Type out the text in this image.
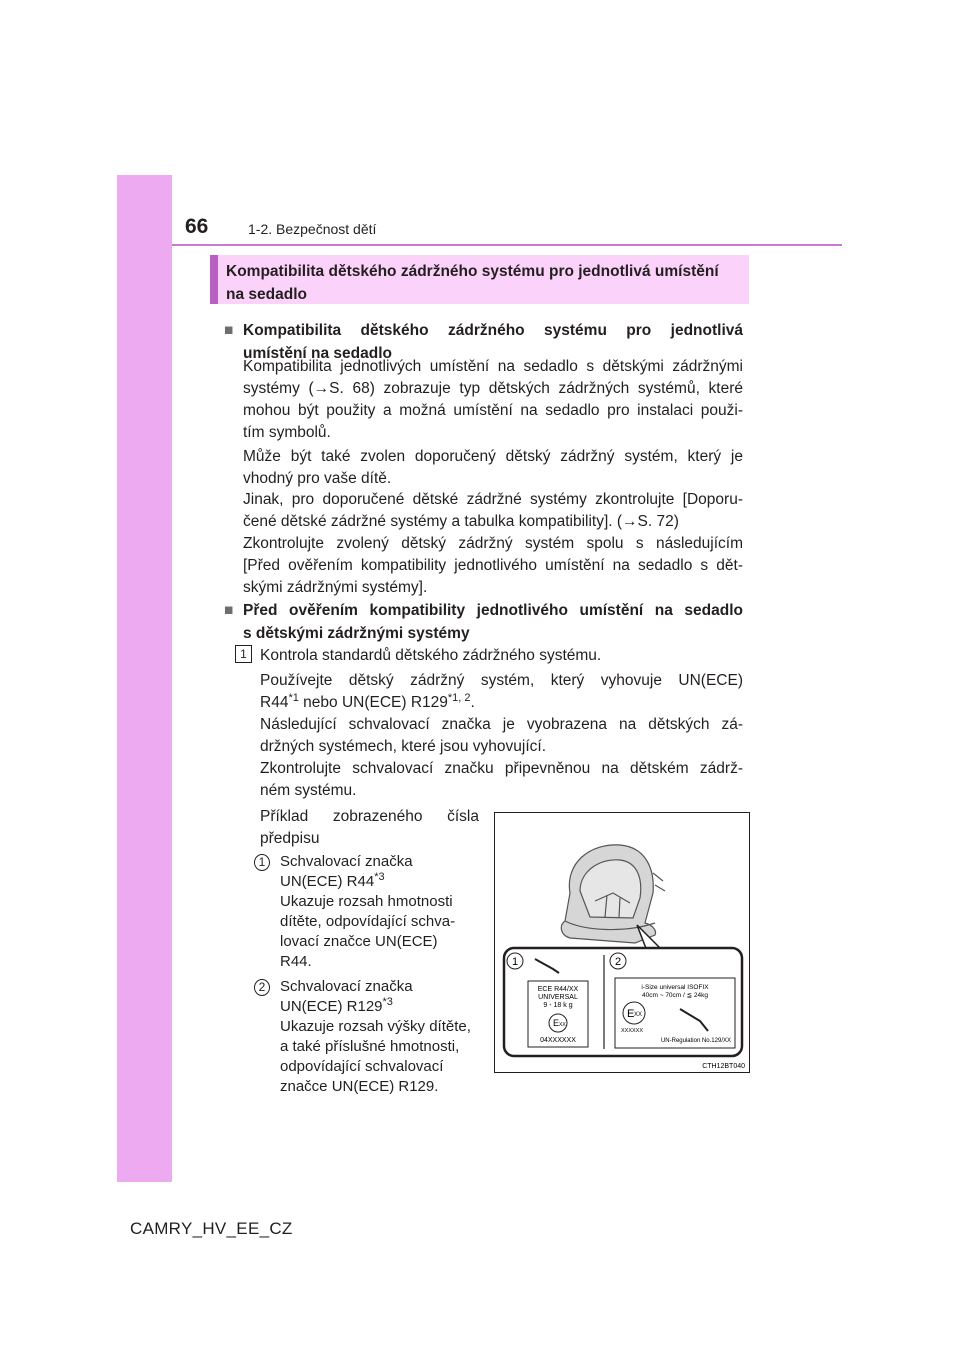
66	1-2. Bezpečnost dětí
Kompatibilita dětského zádržného systému pro jednotlivá umístění
na sedadlo
■ Kompatibilita dětského zádržného systému pro jednotlivá
umístění na sedadlo
Kompatibilita jednotlivých umístění na sedadlo s dětskými zádržnými
systémy (→S. 68) zobrazuje typ dětských zádržných systémů, které
mohou být použity a možná umístění na sedadlo pro instalaci použi-
tím symbolů.
Může být také zvolen doporučený dětský zádržný systém, který je
vhodný pro vaše dítě.
Jinak, pro doporučené dětské zádržné systémy zkontrolujte [Doporu-
čené dětské zádržné systémy a tabulka kompatibility]. (→S. 72)
Zkontrolujte zvolený dětský zádržný systém spolu s následujícím
[Před ověřením kompatibility jednotlivého umístění na sedadlo s dět-
skými zádržnými systémy].
■ Před ověřením kompatibility jednotlivého umístění na sedadlo
s dětskými zádržnými systémy
1 Kontrola standardů dětského zádržného systému.
Používejte dětský zádržný systém, který vyhovuje UN(ECE)
R44$^{*1}$ nebo UN(ECE) R129$^{*1, 2}$.
Následující schvalovací značka je vyobrazena na dětských zá-
držných systémech, které jsou vyhovující.
Zkontrolujte schvalovací značku připevněnou na dětském zádrž-
ném systému.
Příklad zobrazeného čísla
předpisu
1 Schvalovací značka
UN(ECE) R44$^{*3}$
Ukazuje rozsah hmotnosti
dítěte, odpovídající schva-
lovací značce UN(ECE)
R44.
2 Schvalovací značka
UN(ECE) R129$^{*3}$
Ukazuje rozsah výšky dítěte,
a také příslušné hmotnosti,
odpovídající schvalovací
značce UN(ECE) R129.
1
ECE R44/XX
UNIVERSAL
9 - 18 k g
E XX
04XXXXXX
2
i-Size universal ISOFIX
40cm ~ 70cm / ≦ 24kg
E XX
XXXXXX
UN-Regulation No.129/XX
CTH12BT040
CAMRY_HV_EE_CZ
